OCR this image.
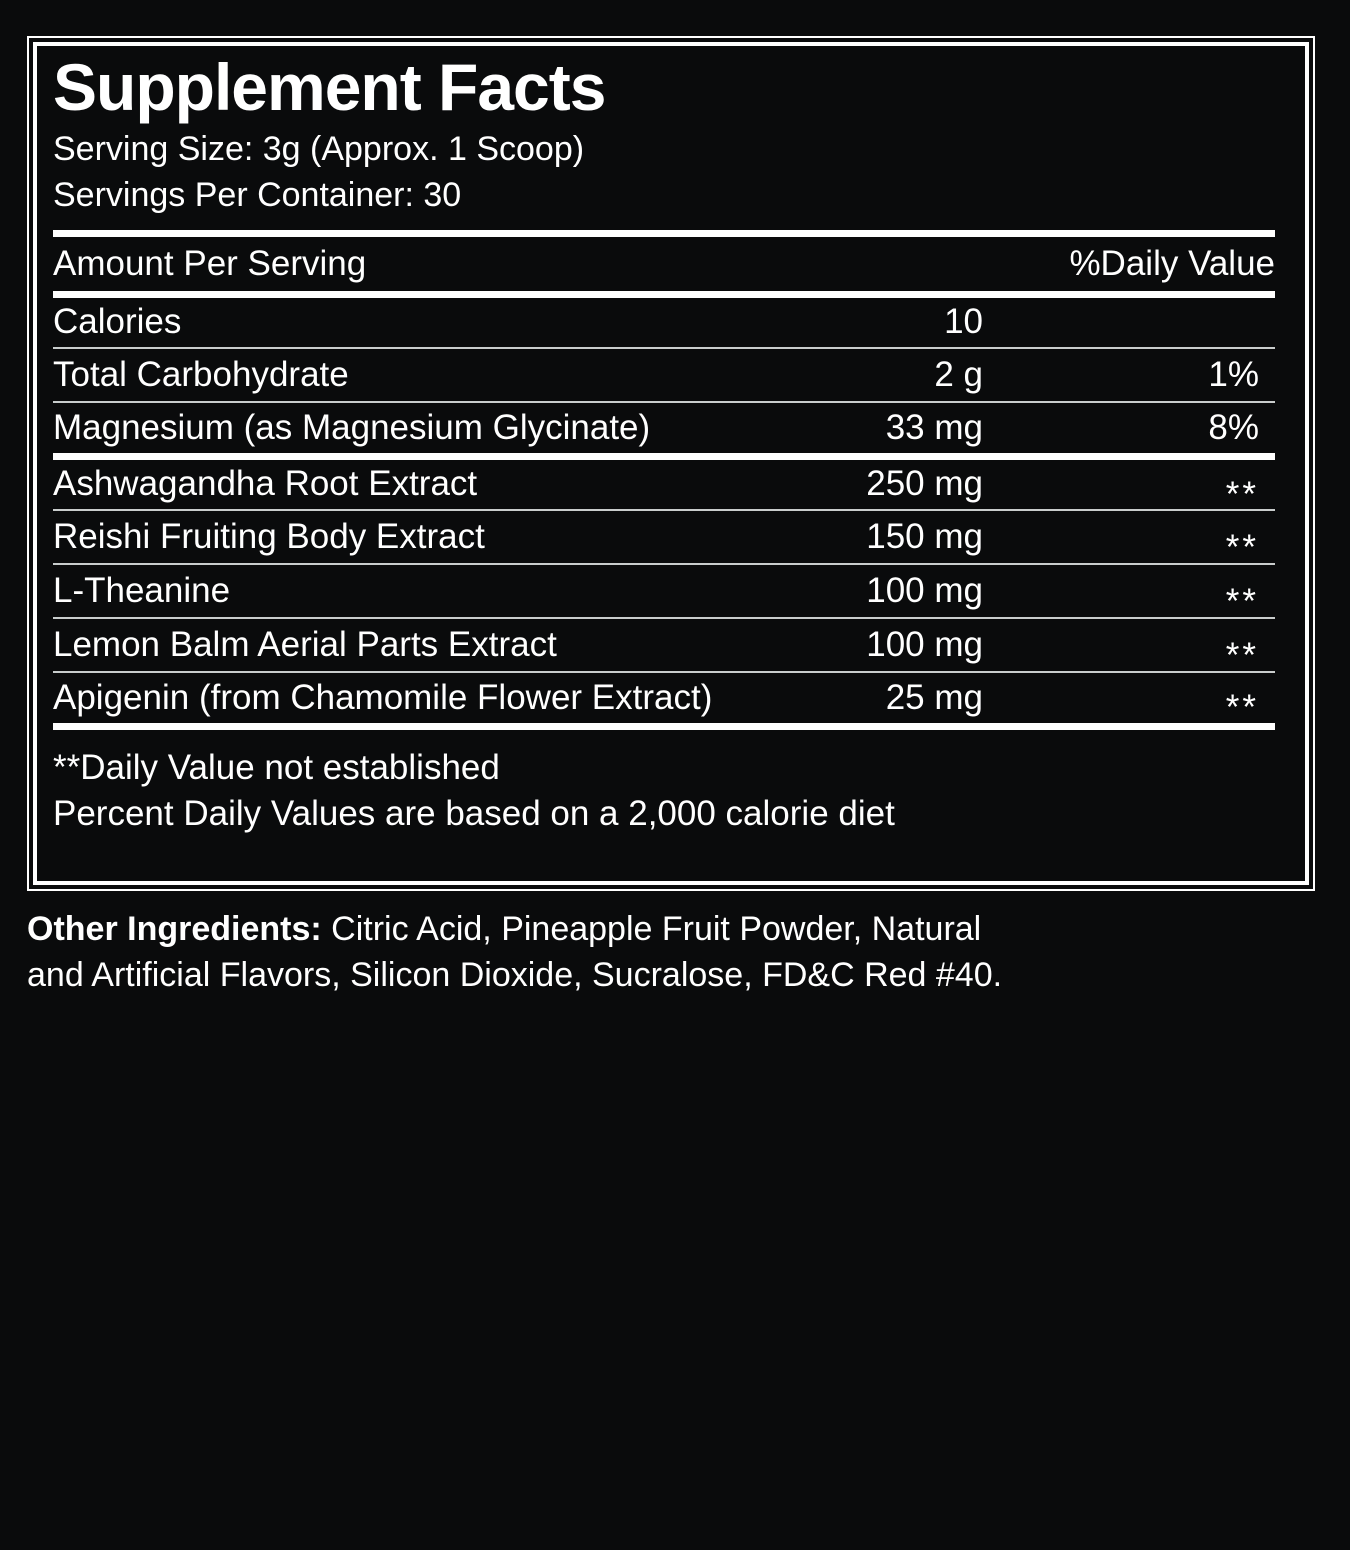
Supplement Facts
Serving Size: 3g (Approx. 1 Scoop)
Servings Per Container: 30
Amount Per Serving		%Daily Value
Calories	10	
Total Carbohydrate	2 g	1%
Magnesium (as Magnesium Glycinate)	33 mg	8%
Ashwagandha Root Extract	250 mg	**
Reishi Fruiting Body Extract	150 mg	**
L-Theanine	100 mg	**
Lemon Balm Aerial Parts Extract	100 mg	**
Apigenin (from Chamomile Flower Extract)	25 mg	**
**Daily Value not established
Percent Daily Values are based on a 2,000 calorie diet
Other Ingredients: Citric Acid, Pineapple Fruit Powder, Natural
and Artificial Flavors, Silicon Dioxide, Sucralose, FD&C Red #40.
